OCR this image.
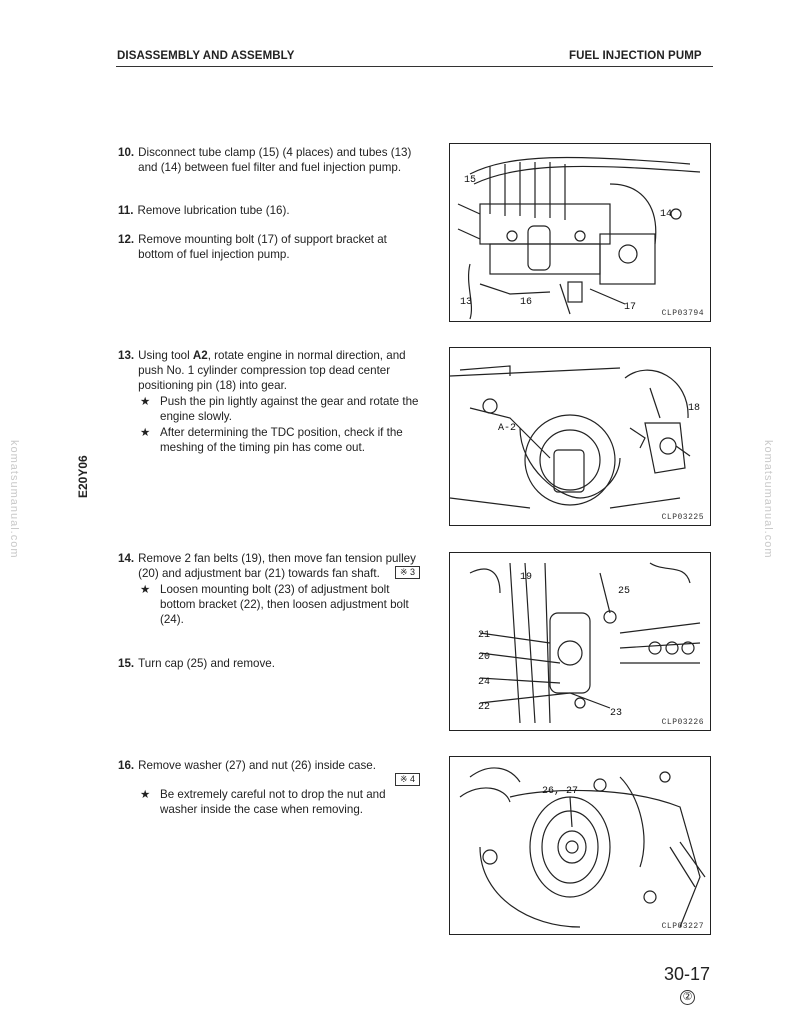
DISASSEMBLY AND ASSEMBLY	FUEL INJECTION PUMP
komatsumanual.com	komatsumanual.com
E20Y06
10. Disconnect tube clamp (15) (4 places) and tubes (13) and (14) between fuel filter and fuel injection pump.
11. Remove lubrication tube (16).
12. Remove mounting bolt (17) of support bracket at bottom of fuel injection pump.
13. Using tool A2, rotate engine in normal direction, and push No. 1 cylinder compression top dead center positioning pin (18) into gear.
★ Push the pin lightly against the gear and rotate the engine slowly.
★ After determining the TDC position, check if the meshing of the timing pin has come out.
14. Remove 2 fan belts (19), then move fan tension pulley (20) and adjustment bar (21) towards fan shaft.	※ 3
★ Loosen mounting bolt (23) of adjustment bolt bottom bracket (22), then loosen adjustment bolt (24).
15. Turn cap (25) and remove.
16. Remove washer (27) and nut (26) inside case.

※ 4
★ Be extremely careful not to drop the nut and washer inside the case when removing.
15
14
13	16	17
CLP03794
A-2
18
CLP03225
19
25
21
20
24
22
23
CLP03226
26, 27
CLP03227
30-17
②
